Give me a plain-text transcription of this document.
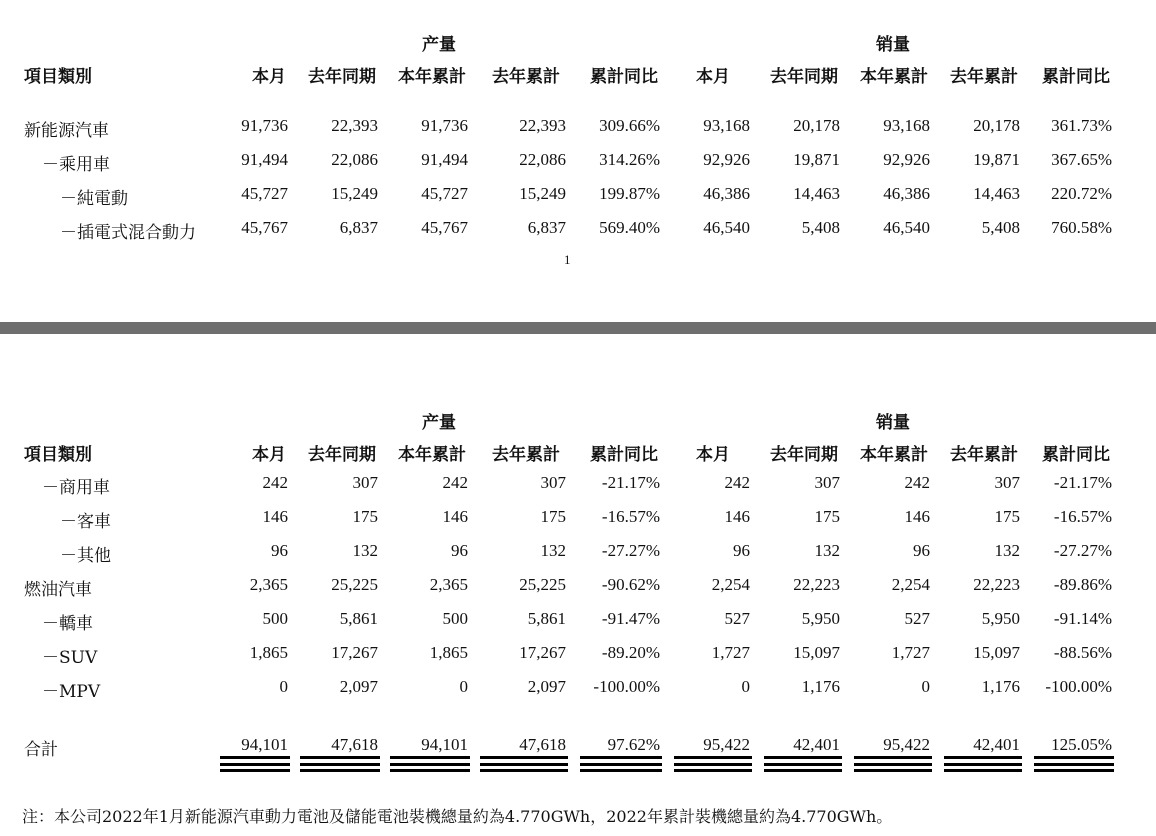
产量	销量
項目類別	本月	去年同期	本年累計	去年累計	累計同比	本月	去年同期	本年累計	去年累計	累計同比
新能源汽車	91,736	22,393	91,736	22,393	309.66%	93,168	20,178	93,168	20,178	361.73%
－乘用車	91,494	22,086	91,494	22,086	314.26%	92,926	19,871	92,926	19,871	367.65%
－純電動	45,727	15,249	45,727	15,249	199.87%	46,386	14,463	46,386	14,463	220.72%
－插電式混合動力	45,767	6,837	45,767	6,837	569.40%	46,540	5,408	46,540	5,408	760.58%
1
产量	销量
項目類別	本月	去年同期	本年累計	去年累計	累計同比	本月	去年同期	本年累計	去年累計	累計同比
－商用車	242	307	242	307	-21.17%	242	307	242	307	-21.17%
－客車	146	175	146	175	-16.57%	146	175	146	175	-16.57%
－其他	96	132	96	132	-27.27%	96	132	96	132	-27.27%
燃油汽車	2,365	25,225	2,365	25,225	-90.62%	2,254	22,223	2,254	22,223	-89.86%
－轎車	500	5,861	500	5,861	-91.47%	527	5,950	527	5,950	-91.14%
－SUV	1,865	17,267	1,865	17,267	-89.20%	1,727	15,097	1,727	15,097	-88.56%
－MPV	0	2,097	0	2,097	-100.00%	0	1,176	0	1,176	-100.00%
合計	94,101	47,618	94,101	47,618	97.62%	95,422	42,401	95,422	42,401	125.05%
注：本公司2022年1月新能源汽車動力電池及儲能電池裝機總量約為4.770GWh，2022年累計裝機總量約為4.770GWh。
